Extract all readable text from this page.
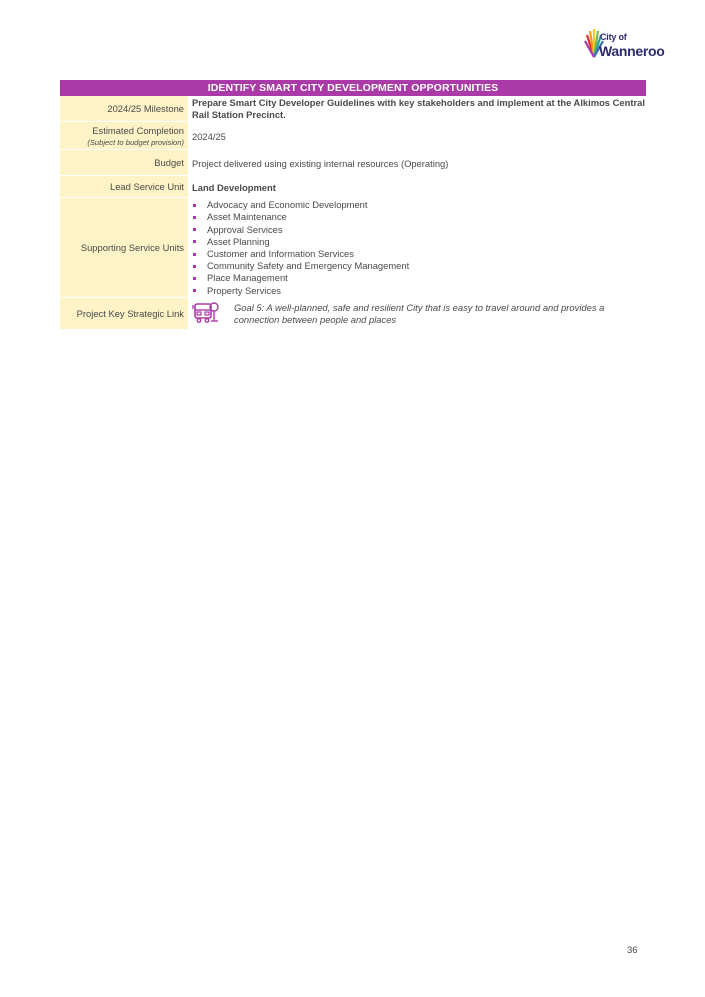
City of
Wanneroo
IDENTIFY SMART CITY DEVELOPMENT OPPORTUNITIES
2024/25 Milestone
Prepare Smart City Developer Guidelines with key stakeholders and implement at the Alkimos Central Rail Station Precinct.
Estimated Completion
(Subject to budget provision)
2024/25
Budget Project delivered using existing internal resources (Operating)
Lead Service Unit Land Development
Supporting Service Units
Advocacy and Economic Development
Asset Maintenance
Approval Services
Asset Planning
Customer and Information Services
Community Safety and Emergency Management
Place Management
Property Services
Project Key Strategic Link
Goal 5: A well-planned, safe and resilient City that is easy to travel around and provides a connection between people and places
36
